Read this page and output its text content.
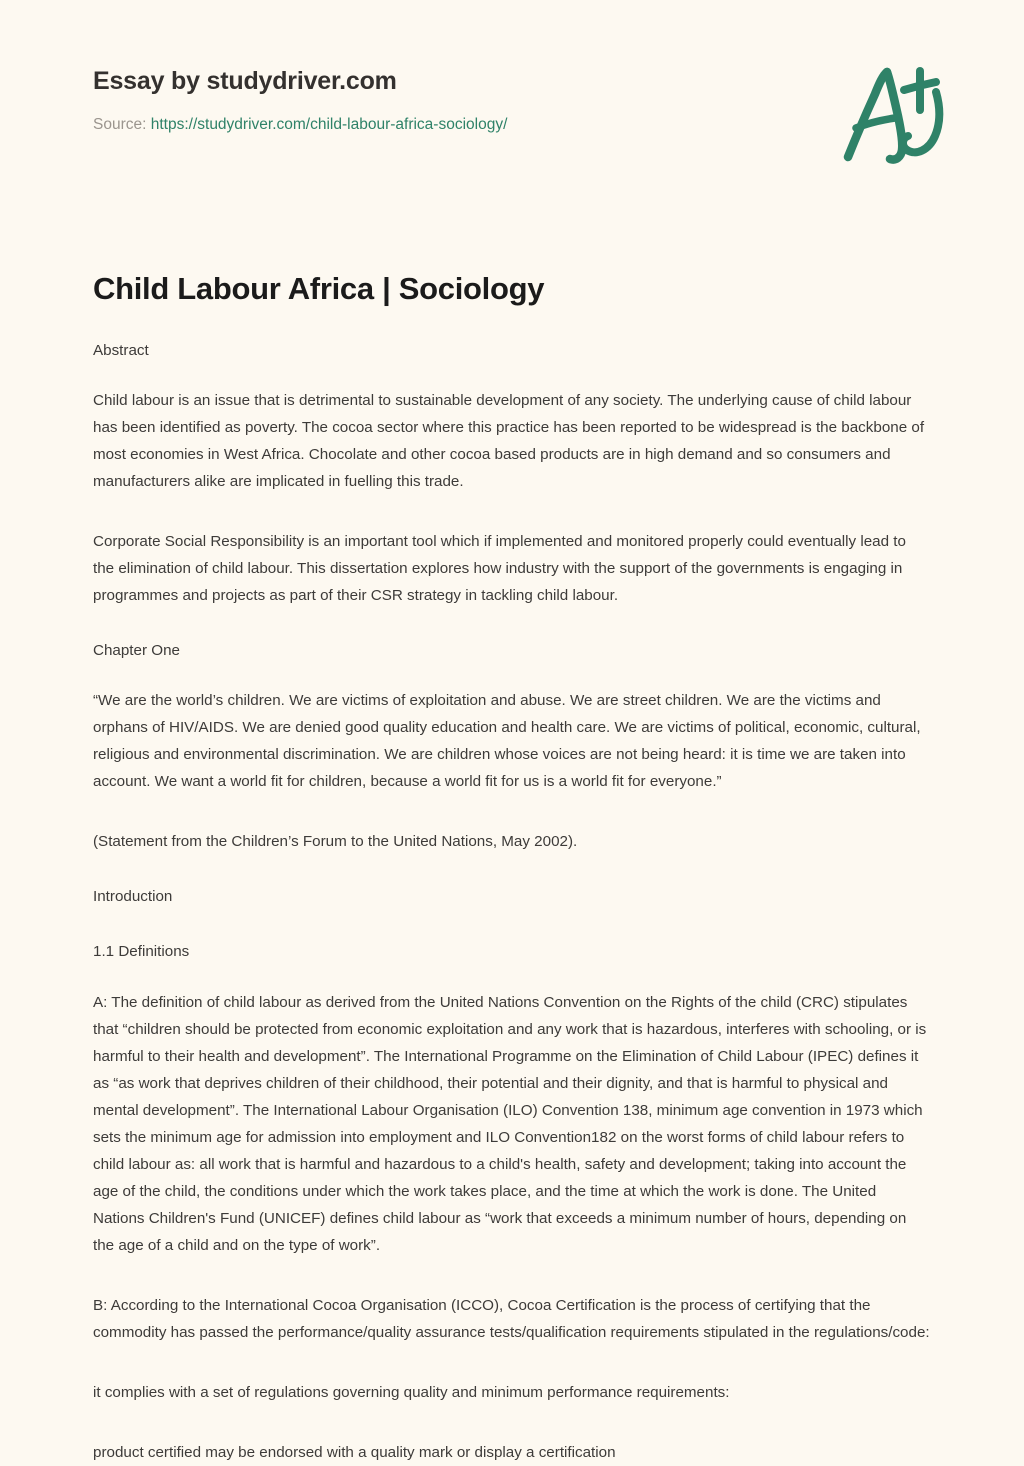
Essay by studydriver.com
Source: https://studydriver.com/child-labour-africa-sociology/
Child Labour Africa | Sociology

Abstract

Child labour is an issue that is detrimental to sustainable development of any society. The underlying cause of child labour has been identified as poverty. The cocoa sector where this practice has been reported to be widespread is the backbone of most economies in West Africa. Chocolate and other cocoa based products are in high demand and so consumers and manufacturers alike are implicated in fuelling this trade.

Corporate Social Responsibility is an important tool which if implemented and monitored properly could eventually lead to the elimination of child labour. This dissertation explores how industry with the support of the governments is engaging in programmes and projects as part of their CSR strategy in tackling child labour.

Chapter One

“We are the world’s children. We are victims of exploitation and abuse. We are street children. We are the victims and orphans of HIV/AIDS. We are denied good quality education and health care. We are victims of political, economic, cultural, religious and environmental discrimination. We are children whose voices are not being heard: it is time we are taken into account. We want a world fit for children, because a world fit for us is a world fit for everyone.”

(Statement from the Children’s Forum to the United Nations, May 2002).

Introduction

1.1 Definitions

A: The definition of child labour as derived from the United Nations Convention on the Rights of the child (CRC) stipulates that “children should be protected from economic exploitation and any work that is hazardous, interferes with schooling, or is harmful to their health and development”. The International Programme on the Elimination of Child Labour (IPEC) defines it as “as work that deprives children of their childhood, their potential and their dignity, and that is harmful to physical and mental development”. The International Labour Organisation (ILO) Convention 138, minimum age convention in 1973 which sets the minimum age for admission into employment and ILO Convention182 on the worst forms of child labour refers to child labour as: all work that is harmful and hazardous to a child's health, safety and development; taking into account the age of the child, the conditions under which the work takes place, and the time at which the work is done. The United Nations Children's Fund (UNICEF) defines child labour as “work that exceeds a minimum number of hours, depending on the age of a child and on the type of work”.

B: According to the International Cocoa Organisation (ICCO), Cocoa Certification is the process of certifying that the commodity has passed the performance/quality assurance tests/qualification requirements stipulated in the regulations/code:

it complies with a set of regulations governing quality and minimum performance requirements:

product certified may be endorsed with a quality mark or display a certification
